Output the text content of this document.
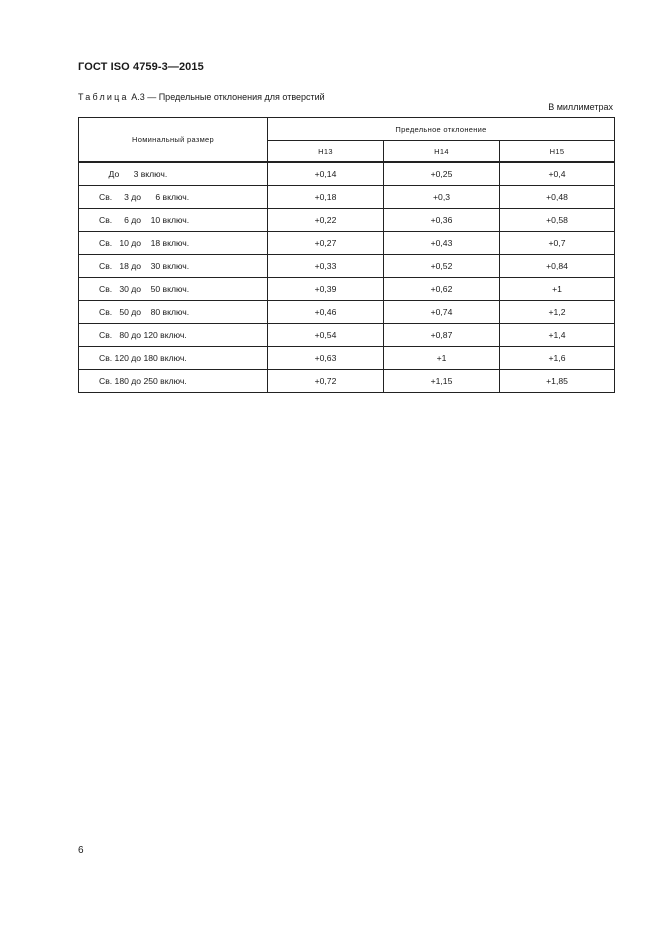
ГОСТ ISO 4759-3—2015
Таблица А.3 — Предельные отклонения для отверстий
В миллиметрах
Номинальный размер	Предельное отклонение		
	Н13	Н14	Н15
До      3 включ.	+0,14	+0,25	+0,4
Св.     3 до      6 включ.	+0,18	+0,3	+0,48
Св.     6 до    10 включ.	+0,22	+0,36	+0,58
Св.   10 до    18 включ.	+0,27	+0,43	+0,7
Св.   18 до    30 включ.	+0,33	+0,52	+0,84
Св.   30 до    50 включ.	+0,39	+0,62	+1
Св.   50 до    80 включ.	+0,46	+0,74	+1,2
Св.   80 до 120 включ.	+0,54	+0,87	+1,4
Св. 120 до 180 включ.	+0,63	+1	+1,6
Св. 180 до 250 включ.	+0,72	+1,15	+1,85
6
